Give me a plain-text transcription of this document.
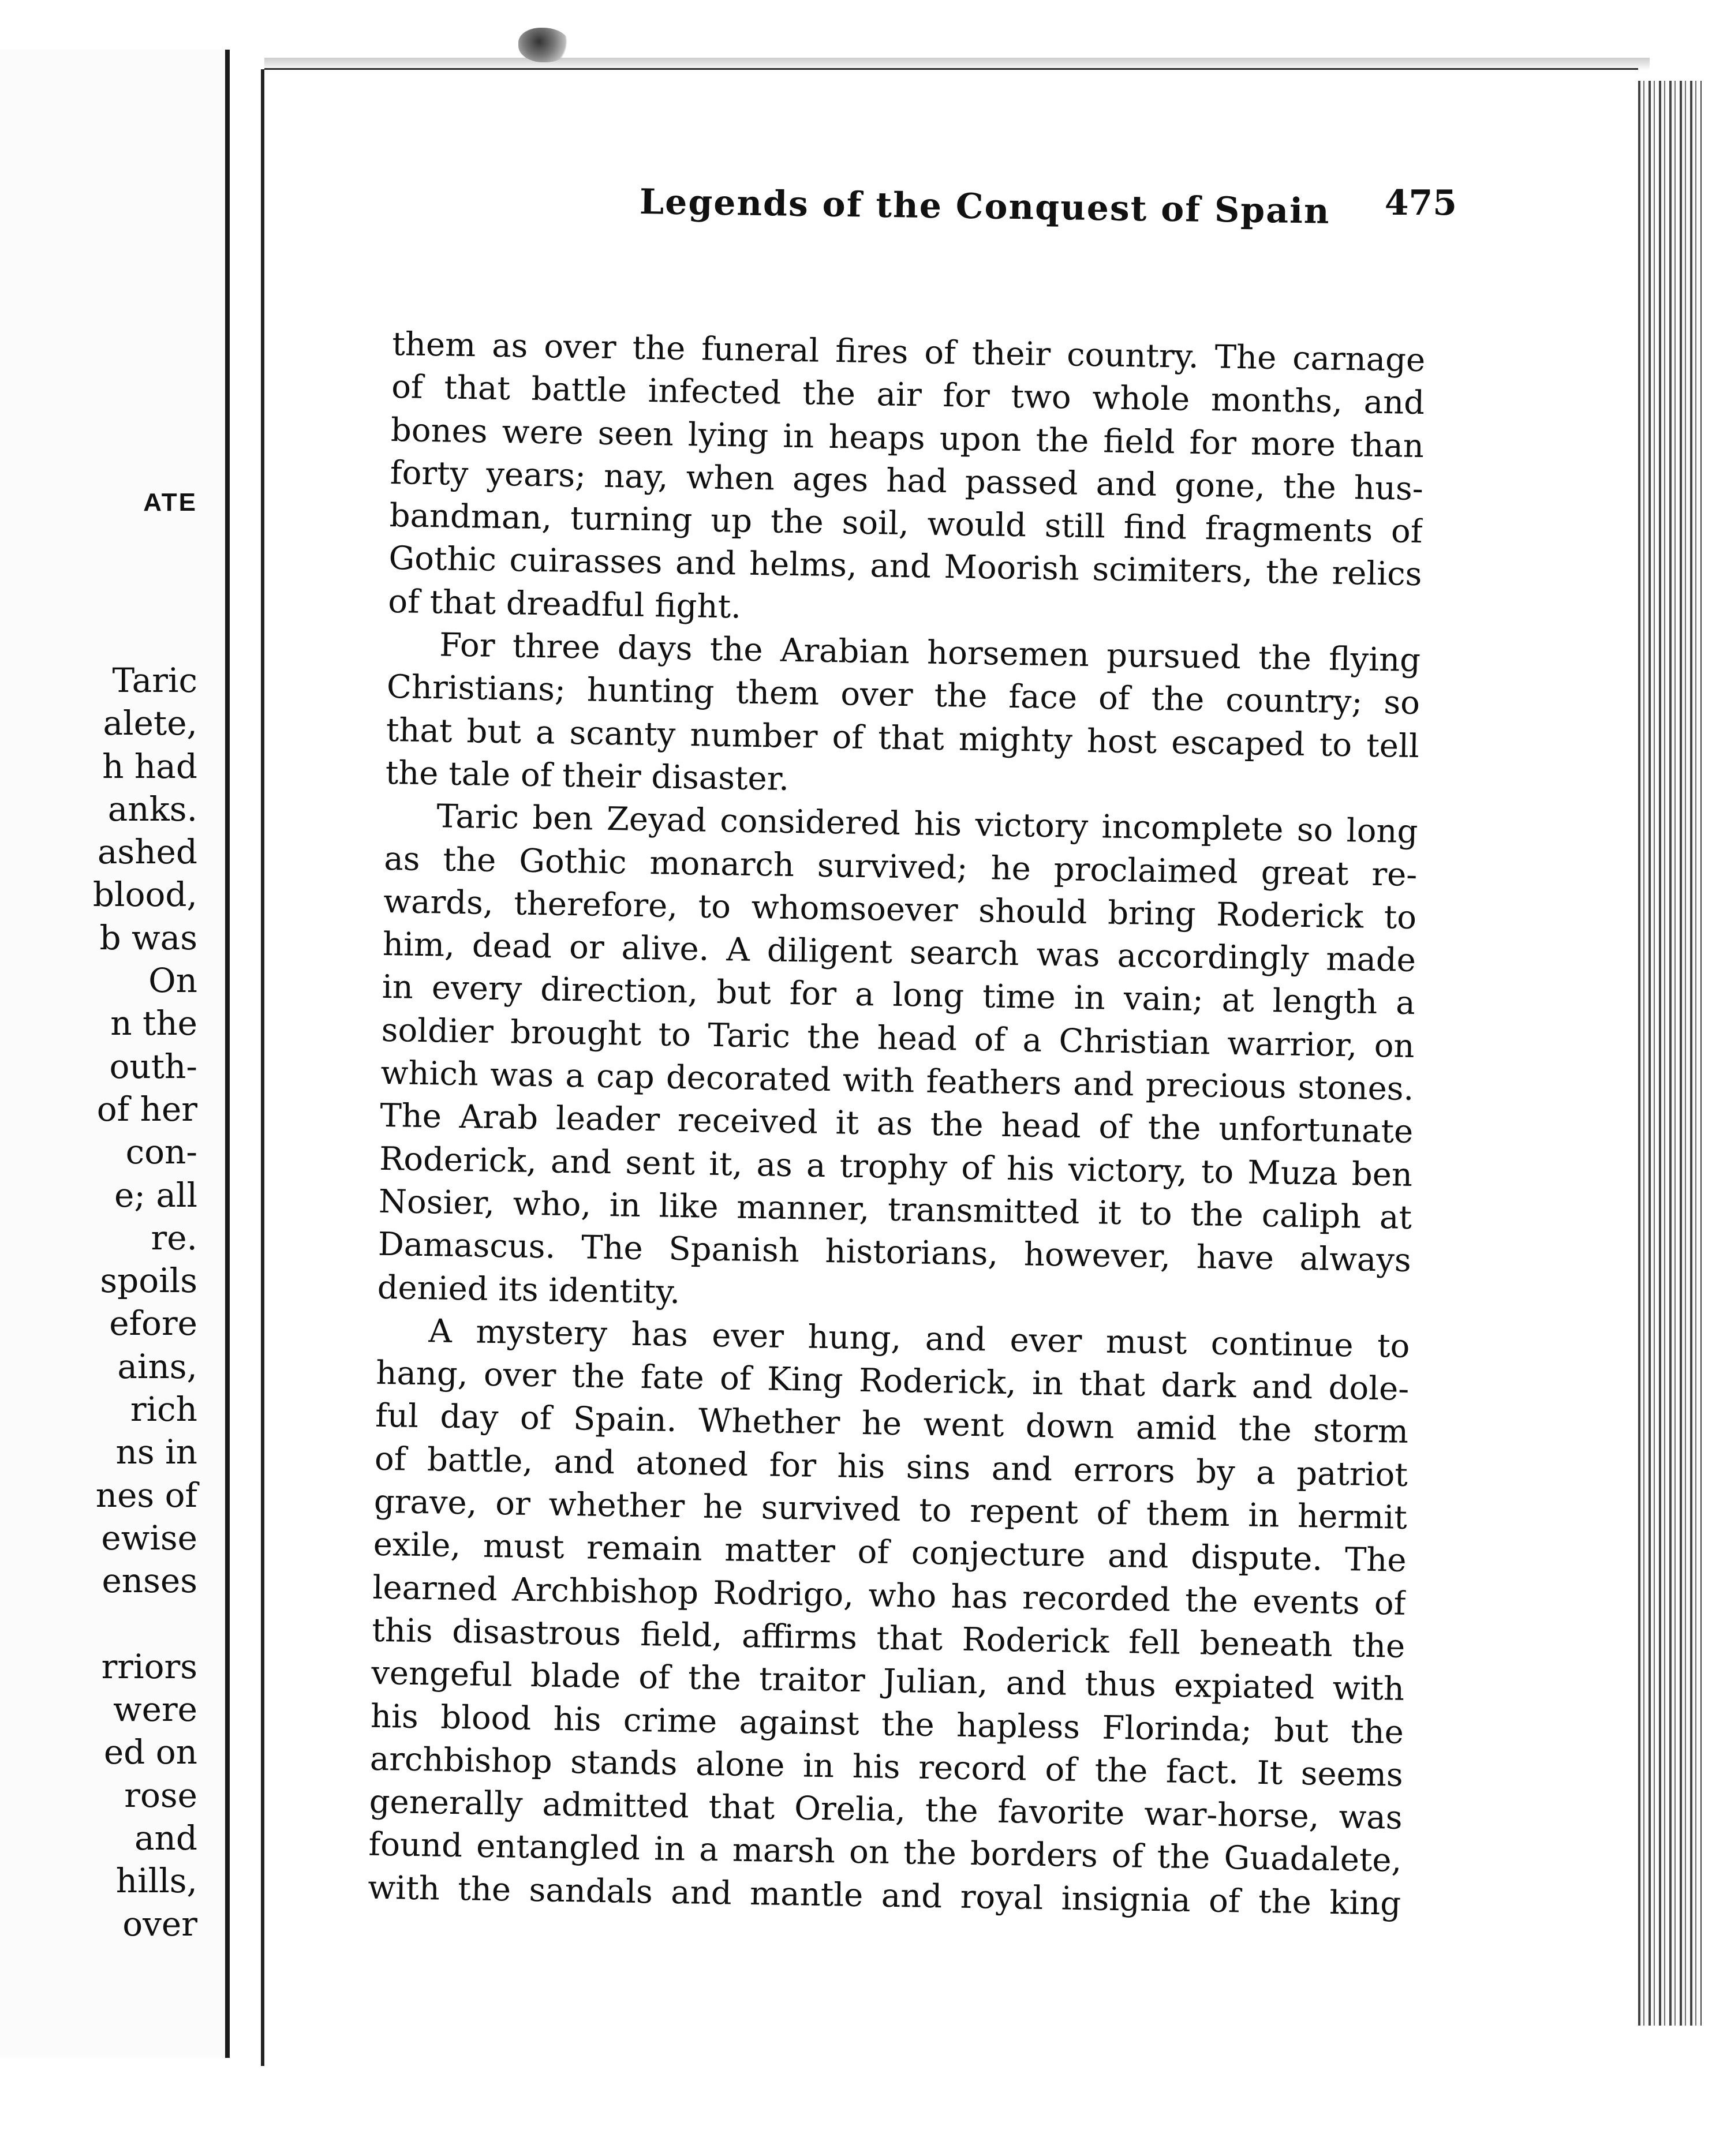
ATE
Taric
alete,
h had
anks.
ashed
blood,
b was
On
n the
outh-
of her
con-
e; all
re.
spoils
efore
ains,
rich
ns in
nes of
ewise
enses

rriors
were
ed on
rose
and
hills,
over
Legends of the Conquest of Spain 475
them as over the funeral fires of their country. The carnage
of that battle infected the air for two whole months, and
bones were seen lying in heaps upon the field for more than
forty years; nay, when ages had passed and gone, the hus-
bandman, turning up the soil, would still find fragments of
Gothic cuirasses and helms, and Moorish scimiters, the relics
of that dreadful fight.
For three days the Arabian horsemen pursued the flying
Christians; hunting them over the face of the country; so
that but a scanty number of that mighty host escaped to tell
the tale of their disaster.
Taric ben Zeyad considered his victory incomplete so long
as the Gothic monarch survived; he proclaimed great re-
wards, therefore, to whomsoever should bring Roderick to
him, dead or alive. A diligent search was accordingly made
in every direction, but for a long time in vain; at length a
soldier brought to Taric the head of a Christian warrior, on
which was a cap decorated with feathers and precious stones.
The Arab leader received it as the head of the unfortunate
Roderick, and sent it, as a trophy of his victory, to Muza ben
Nosier, who, in like manner, transmitted it to the caliph at
Damascus. The Spanish historians, however, have always
denied its identity.
A mystery has ever hung, and ever must continue to
hang, over the fate of King Roderick, in that dark and dole-
ful day of Spain. Whether he went down amid the storm
of battle, and atoned for his sins and errors by a patriot
grave, or whether he survived to repent of them in hermit
exile, must remain matter of conjecture and dispute. The
learned Archbishop Rodrigo, who has recorded the events of
this disastrous field, affirms that Roderick fell beneath the
vengeful blade of the traitor Julian, and thus expiated with
his blood his crime against the hapless Florinda; but the
archbishop stands alone in his record of the fact. It seems
generally admitted that Orelia, the favorite war-horse, was
found entangled in a marsh on the borders of the Guadalete,
with the sandals and mantle and royal insignia of the king
